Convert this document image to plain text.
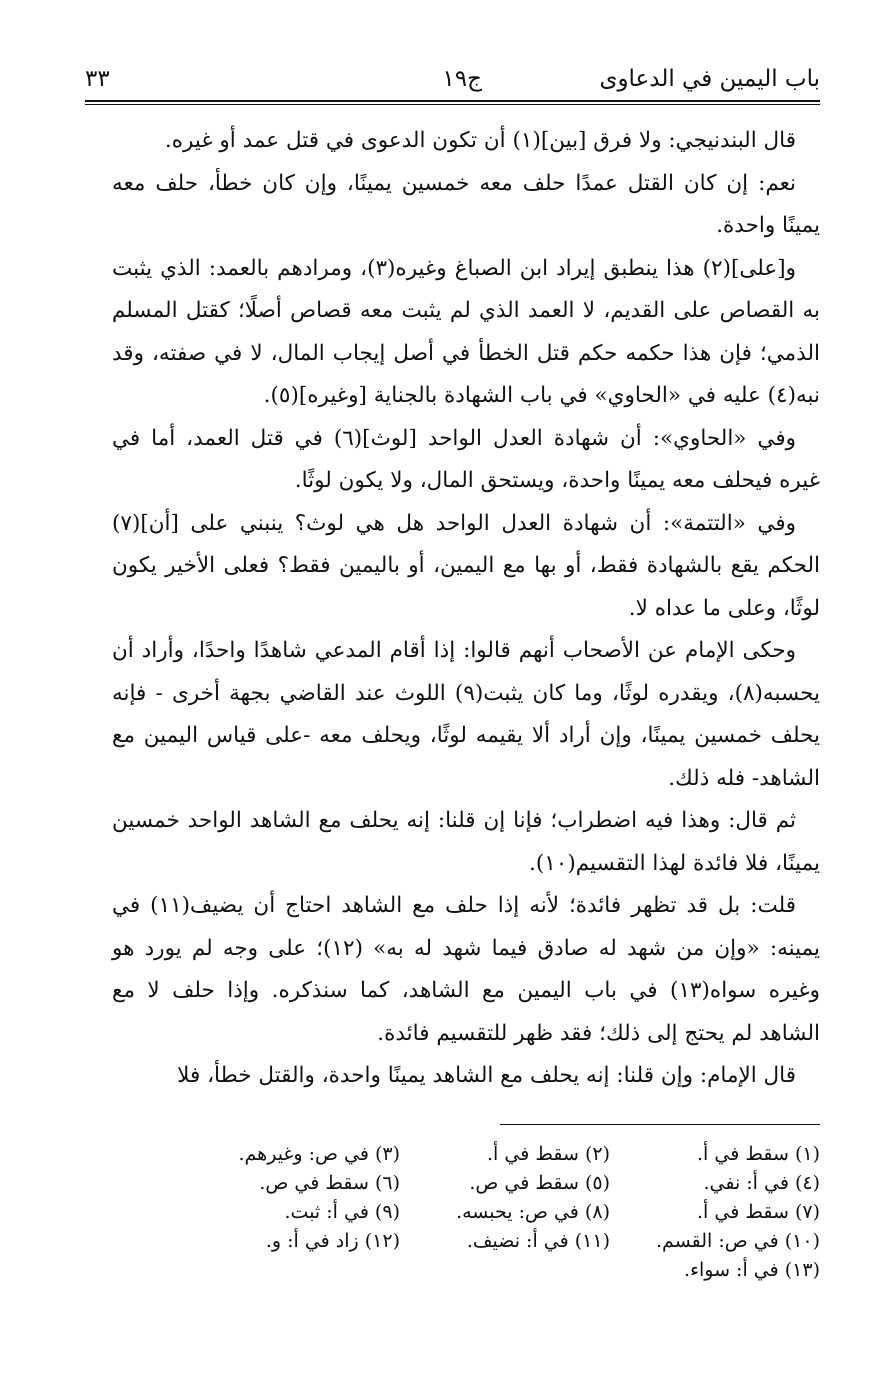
باب اليمين في الدعاوى
ج١٩
٣٣

قال البندنيجي: ولا فرق [بين](١) أن تكون الدعوى في قتل عمد أو غيره.

نعم: إن كان القتل عمدًا حلف معه خمسين يمينًا، وإن كان خطأ، حلف معه يمينًا واحدة.

و[على](٢) هذا ينطبق إيراد ابن الصباغ وغيره(٣)، ومرادهم بالعمد: الذي يثبت به القصاص على القديم، لا العمد الذي لم يثبت معه قصاص أصلًا؛ كقتل المسلم الذمي؛ فإن هذا حكمه حكم قتل الخطأ في أصل إيجاب المال، لا في صفته، وقد نبه(٤) عليه في «الحاوي» في باب الشهادة بالجناية [وغيره](٥).

وفي «الحاوي»: أن شهادة العدل الواحد [لوث](٦) في قتل العمد، أما في غيره فيحلف معه يمينًا واحدة، ويستحق المال، ولا يكون لوثًا.

وفي «التتمة»: أن شهادة العدل الواحد هل هي لوث؟ ينبني على [أن](٧) الحكم يقع بالشهادة فقط، أو بها مع اليمين، أو باليمين فقط؟ فعلى الأخير يكون لوثًا، وعلى ما عداه لا.

وحكى الإمام عن الأصحاب أنهم قالوا: إذا أقام المدعي شاهدًا واحدًا، وأراد أن يحسبه(٨)، ويقدره لوثًا، وما كان يثبت(٩) اللوث عند القاضي بجهة أخرى - فإنه يحلف خمسين يمينًا، وإن أراد ألا يقيمه لوثًا، ويحلف معه -على قياس اليمين مع الشاهد- فله ذلك.

ثم قال: وهذا فيه اضطراب؛ فإنا إن قلنا: إنه يحلف مع الشاهد الواحد خمسين يمينًا، فلا فائدة لهذا التقسيم(١٠).

قلت: بل قد تظهر فائدة؛ لأنه إذا حلف مع الشاهد احتاج أن يضيف(١١) في يمينه: «وإن من شهد له صادق فيما شهد له به» (١٢)؛ على وجه لم يورد هو وغيره سواه(١٣) في باب اليمين مع الشاهد، كما سنذكره. وإذا حلف لا مع الشاهد لم يحتج إلى ذلك؛ فقد ظهر للتقسيم فائدة.

قال الإمام: وإن قلنا: إنه يحلف مع الشاهد يمينًا واحدة، والقتل خطأ، فلا

(١) سقط في أ.
(٢) سقط في أ.
(٣) في ص: وغيرهم.
(٤) في أ: نفي.
(٥) سقط في ص.
(٦) سقط في ص.
(٧) سقط في أ.
(٨) في ص: يحبسه.
(٩) في أ: ثبت.
(١٠) في ص: القسم.
(١١) في أ: نضيف.
(١٢) زاد في أ: و.
(١٣) في أ: سواء.
